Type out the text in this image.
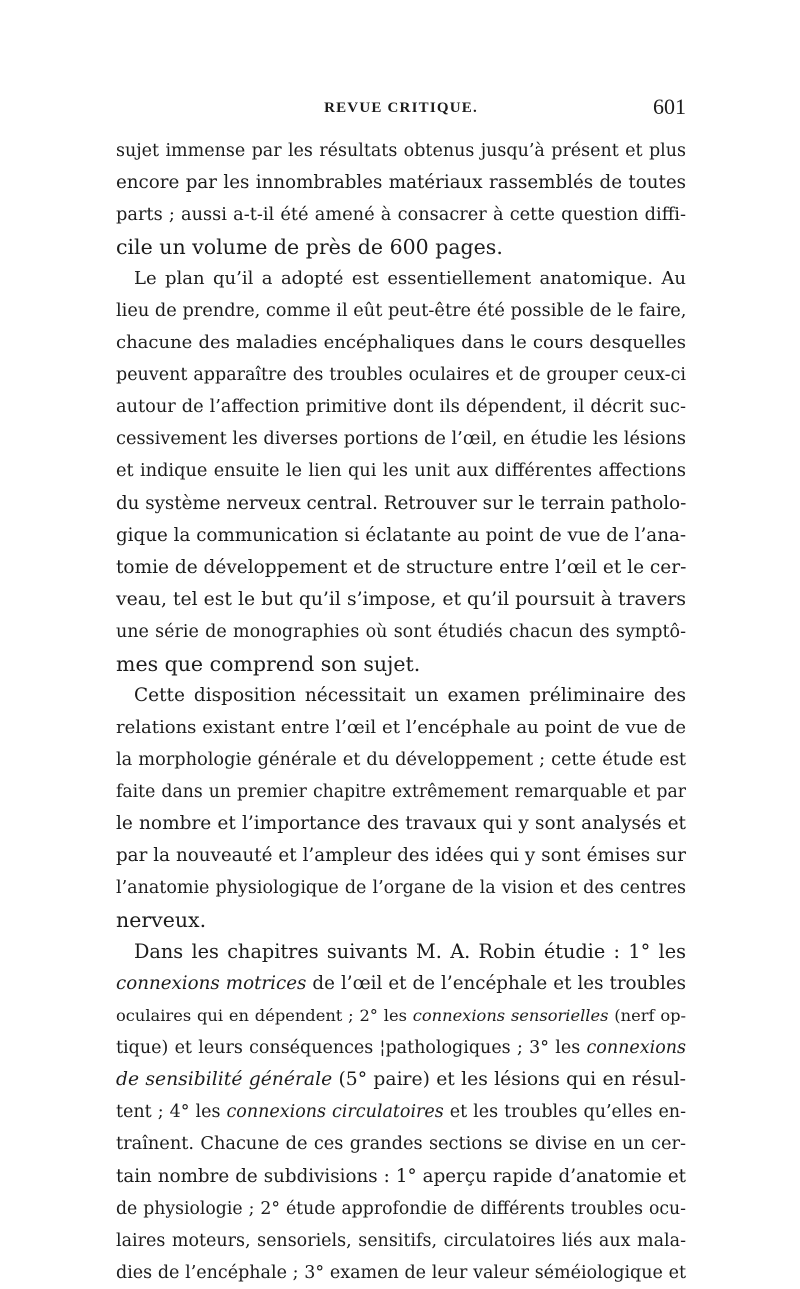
REVUE CRITIQUE.	601
sujet immense par les résultats obtenus jusqu’à présent et plus
encore par les innombrables matériaux rassemblés de toutes
parts ; aussi a-t-il été amené à consacrer à cette question diffi-
cile un volume de près de 600 pages.
Le plan qu’il a adopté est essentiellement anatomique. Au
lieu de prendre, comme il eût peut-être été possible de le faire,
chacune des maladies encéphaliques dans le cours desquelles
peuvent apparaître des troubles oculaires et de grouper ceux-ci
autour de l’affection primitive dont ils dépendent, il décrit suc-
cessivement les diverses portions de l’œil, en étudie les lésions
et indique ensuite le lien qui les unit aux différentes affections
du système nerveux central. Retrouver sur le terrain patholo-
gique la communication si éclatante au point de vue de l’ana-
tomie de développement et de structure entre l’œil et le cer-
veau, tel est le but qu’il s’impose, et qu’il poursuit à travers
une série de monographies où sont étudiés chacun des symptô-
mes que comprend son sujet.
Cette disposition nécessitait un examen préliminaire des
relations existant entre l’œil et l’encéphale au point de vue de
la morphologie générale et du développement ; cette étude est
faite dans un premier chapitre extrêmement remarquable et par
le nombre et l’importance des travaux qui y sont analysés et
par la nouveauté et l’ampleur des idées qui y sont émises sur
l’anatomie physiologique de l’organe de la vision et des centres
nerveux.
Dans les chapitres suivants M. A. Robin étudie : 1° les
connexions motrices de l’œil et de l’encéphale et les troubles
oculaires qui en dépendent ; 2° les connexions sensorielles (nerf op-
tique) et leurs conséquences ¦pathologiques ; 3° les connexions
de sensibilité générale (5° paire) et les lésions qui en résul-
tent ; 4° les connexions circulatoires et les troubles qu’elles en-
traînent. Chacune de ces grandes sections se divise en un cer-
tain nombre de subdivisions : 1° aperçu rapide d’anatomie et
de physiologie ; 2° étude approfondie de différents troubles ocu-
laires moteurs, sensoriels, sensitifs, circulatoires liés aux mala-
dies de l’encéphale ; 3° examen de leur valeur séméiologique et
